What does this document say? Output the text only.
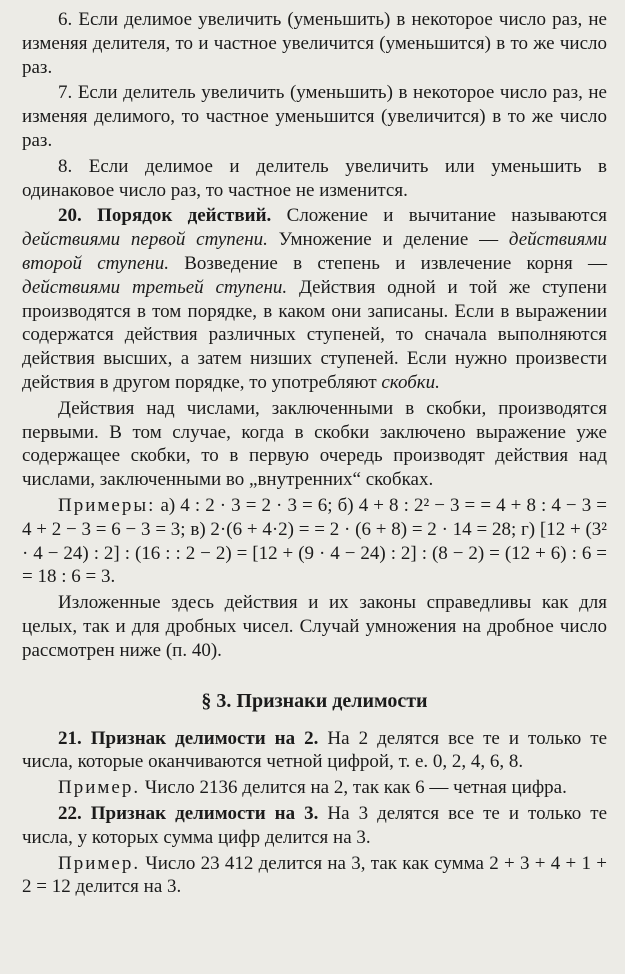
6. Если делимое увеличить (уменьшить) в некоторое число раз, не изменяя делителя, то и частное увеличится (уменьшится) в то же число раз.

7. Если делитель увеличить (уменьшить) в некоторое число раз, не изменяя делимого, то частное уменьшится (увеличится) в то же число раз.

8. Если делимое и делитель увеличить или уменьшить в одинаковое число раз, то частное не изменится.

20. Порядок действий. Сложение и вычитание называются действиями первой ступени. Умножение и деление — действиями второй ступени. Возведение в степень и извлечение корня — действиями третьей ступени. Действия одной и той же ступени производятся в том порядке, в каком они записаны. Если в выражении содержатся действия различных ступеней, то сначала выполняются действия высших, а затем низших ступеней. Если нужно произвести действия в другом порядке, то употребляют скобки.

Действия над числами, заключенными в скобки, производятся первыми. В том случае, когда в скобки заключено выражение уже содержащее скобки, то в первую очередь производят действия над числами, заключенными во „внутренних“ скобках.

Примеры: а) 4 : 2 · 3 = 2 · 3 = 6; б) 4 + 8 : 2² − 3 = = 4 + 8 : 4 − 3 = 4 + 2 − 3 = 6 − 3 = 3; в) 2·(6 + 4·2) = = 2 · (6 + 8) = 2 · 14 = 28; г) [12 + (3² · 4 − 24) : 2] : (16 : : 2 − 2) = [12 + (9 · 4 − 24) : 2] : (8 − 2) = (12 + 6) : 6 = = 18 : 6 = 3.

Изложенные здесь действия и их законы справедливы как для целых, так и для дробных чисел. Случай умножения на дробное число рассмотрен ниже (п. 40).

§ 3. Признаки делимости

21. Признак делимости на 2. На 2 делятся все те и только те числа, которые оканчиваются четной цифрой, т. е. 0, 2, 4, 6, 8.

Пример. Число 2136 делится на 2, так как 6 — четная цифра.

22. Признак делимости на 3. На 3 делятся все те и только те числа, у которых сумма цифр делится на 3.

Пример. Число 23 412 делится на 3, так как сумма 2 + 3 + 4 + 1 + 2 = 12 делится на 3.
